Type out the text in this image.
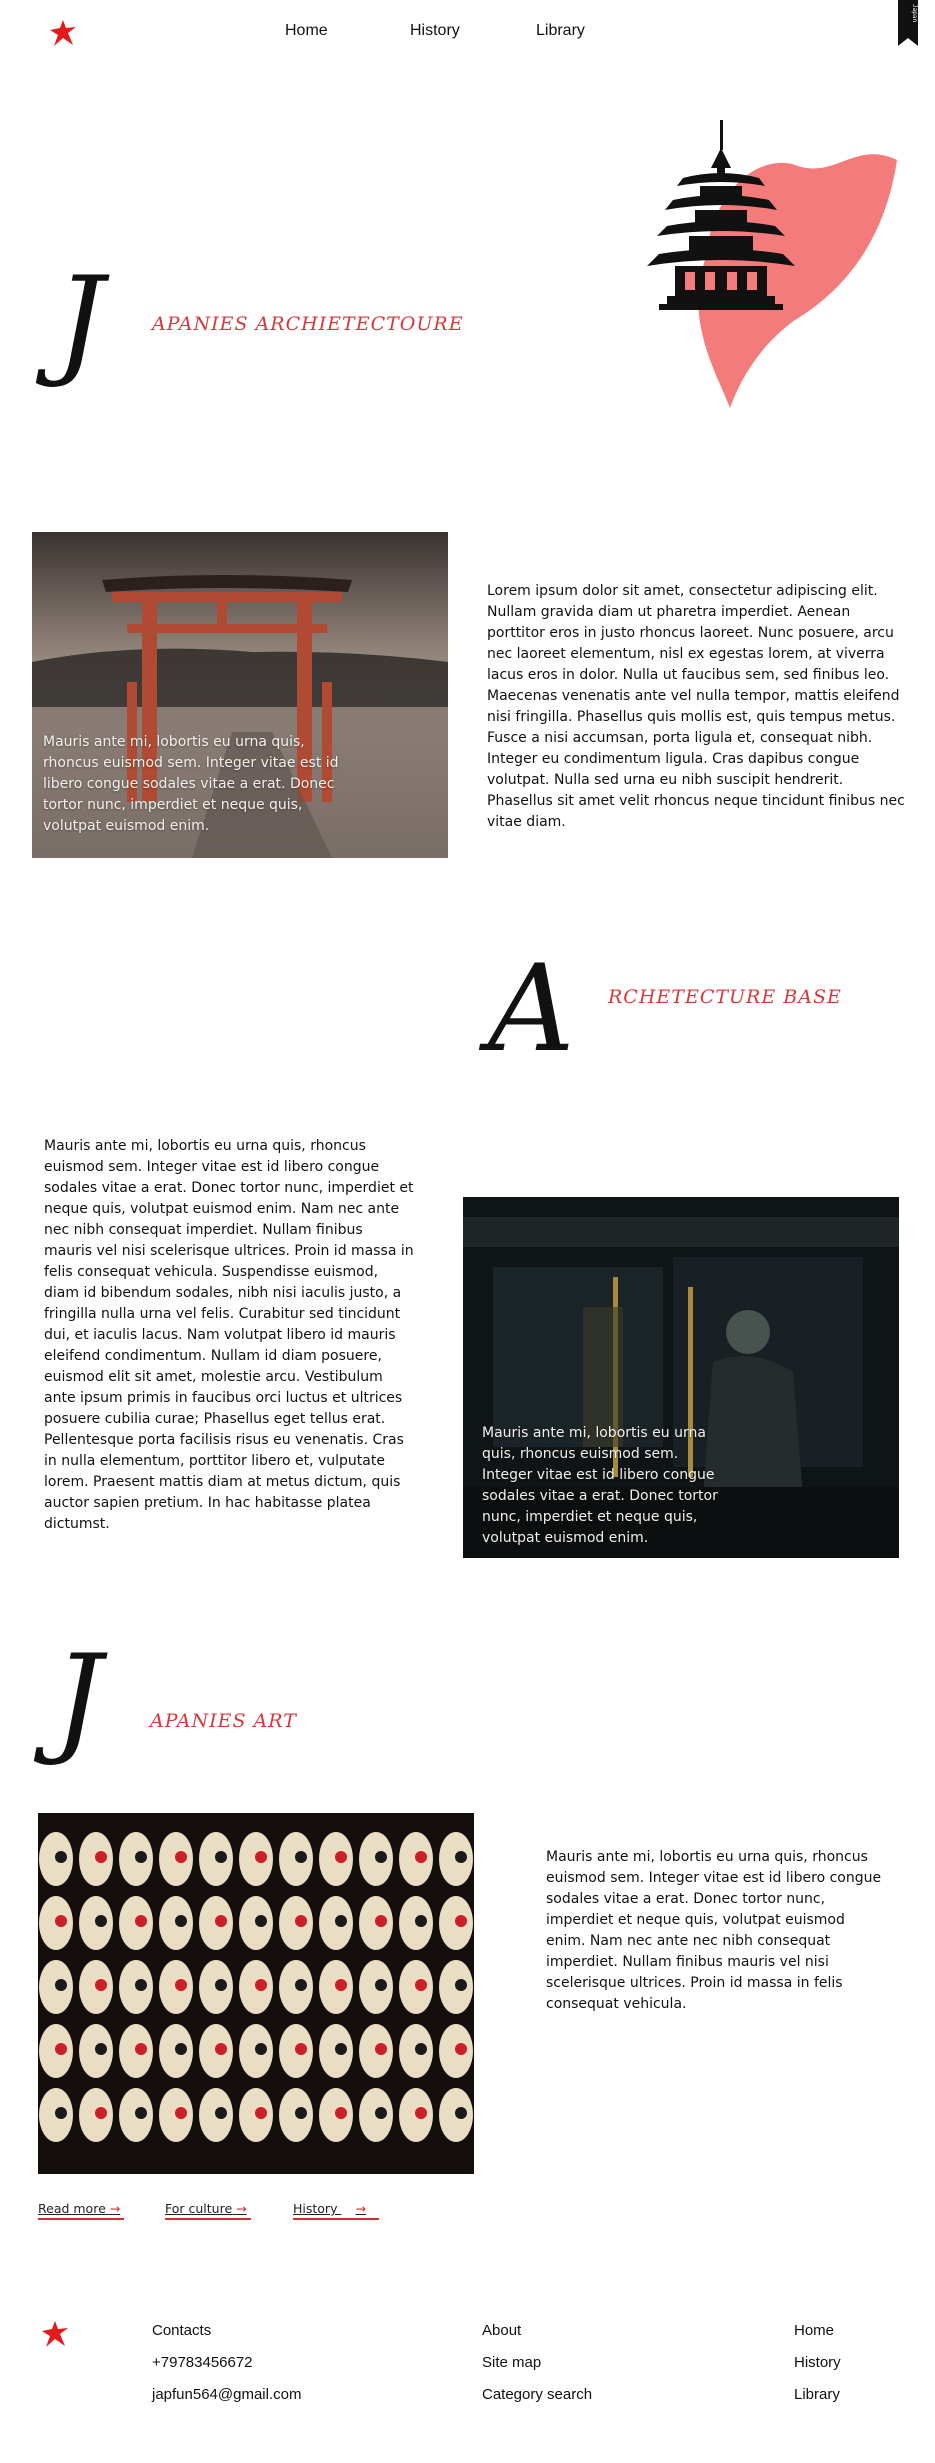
Home	History	Library
Japan
J	APANIES ARCHIETECTOURE
Mauris ante mi, lobortis eu urna quis, rhoncus euismod sem. Integer vitae est id libero congue sodales vitae a erat. Donec tortor nunc, imperdiet et neque quis, volutpat euismod enim.
Lorem ipsum dolor sit amet, consectetur adipiscing elit. Nullam gravida diam ut pharetra imperdiet. Aenean porttitor eros in justo rhoncus laoreet. Nunc posuere, arcu nec laoreet elementum, nisl ex egestas lorem, at viverra lacus eros in dolor. Nulla ut faucibus sem, sed finibus leo. Maecenas venenatis ante vel nulla tempor, mattis eleifend nisi fringilla. Phasellus quis mollis est, quis tempus metus. Fusce a nisi accumsan, porta ligula et, consequat nibh. Integer eu condimentum ligula. Cras dapibus congue volutpat. Nulla sed urna eu nibh suscipit hendrerit. Phasellus sit amet velit rhoncus neque tincidunt finibus nec vitae diam.
A RCHETECTURE BASE
Mauris ante mi, lobortis eu urna quis, rhoncus euismod sem. Integer vitae est id libero congue sodales vitae a erat. Donec tortor nunc, imperdiet et neque quis, volutpat euismod enim. Nam nec ante nec nibh consequat imperdiet. Nullam finibus mauris vel nisi scelerisque ultrices. Proin id massa in felis consequat vehicula. Suspendisse euismod, diam id bibendum sodales, nibh nisi iaculis justo, a fringilla nulla urna vel felis. Curabitur sed tincidunt dui, et iaculis lacus. Nam volutpat libero id mauris eleifend condimentum. Nullam id diam posuere, euismod elit sit amet, molestie arcu. Vestibulum ante ipsum primis in faucibus orci luctus et ultrices posuere cubilia curae; Phasellus eget tellus erat. Pellentesque porta facilisis risus eu venenatis. Cras in nulla elementum, porttitor libero et, vulputate lorem. Praesent mattis diam at metus dictum, quis auctor sapien pretium. In hac habitasse platea dictumst.
Mauris ante mi, lobortis eu urna quis, rhoncus euismod sem. Integer vitae est id libero congue sodales vitae a erat. Donec tortor nunc, imperdiet et neque quis, volutpat euismod enim.
J	APANIES ART
Mauris ante mi, lobortis eu urna quis, rhoncus euismod sem. Integer vitae est id libero congue sodales vitae a erat. Donec tortor nunc, imperdiet et neque quis, volutpat euismod enim. Nam nec ante nec nibh consequat imperdiet. Nullam finibus mauris vel nisi scelerisque ultrices. Proin id massa in felis consequat vehicula.
Read more →	For culture →	History →
Contacts
+79783456672
japfun564@gmail.com
About
Site map
Category search
Home
History
Library
